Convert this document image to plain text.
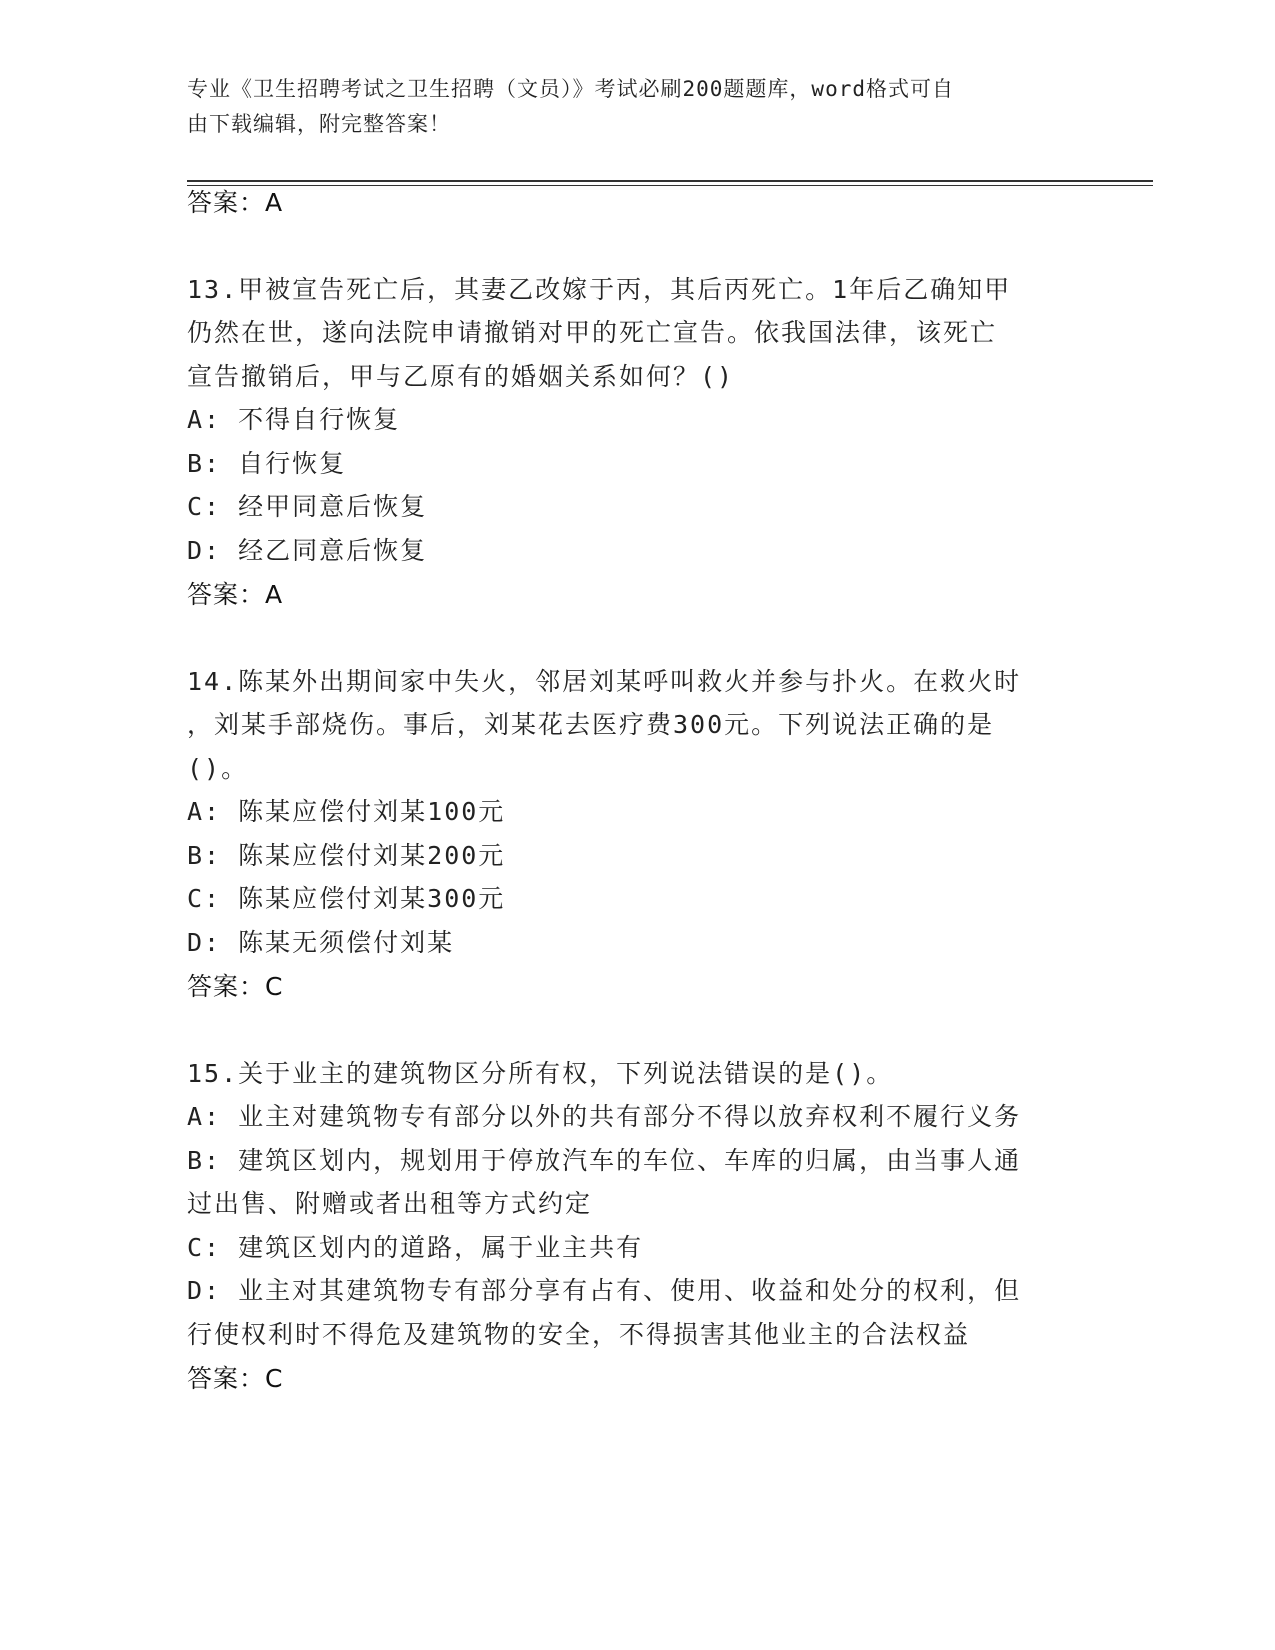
专业《卫生招聘考试之卫生招聘（文员）》考试必刷200题题库，word格式可自
由下载编辑，附完整答案！
答案：A
13.甲被宣告死亡后，其妻乙改嫁于丙，其后丙死亡。1年后乙确知甲
仍然在世，遂向法院申请撤销对甲的死亡宣告。依我国法律，该死亡
宣告撤销后，甲与乙原有的婚姻关系如何？()
A: 不得自行恢复
B: 自行恢复
C: 经甲同意后恢复
D: 经乙同意后恢复
答案：A
14.陈某外出期间家中失火，邻居刘某呼叫救火并参与扑火。在救火时
，刘某手部烧伤。事后，刘某花去医疗费300元。下列说法正确的是
()。
A: 陈某应偿付刘某100元
B: 陈某应偿付刘某200元
C: 陈某应偿付刘某300元
D: 陈某无须偿付刘某
答案：C
15.关于业主的建筑物区分所有权，下列说法错误的是()。
A: 业主对建筑物专有部分以外的共有部分不得以放弃权利不履行义务
B: 建筑区划内，规划用于停放汽车的车位、车库的归属，由当事人通
过出售、附赠或者出租等方式约定
C: 建筑区划内的道路，属于业主共有
D: 业主对其建筑物专有部分享有占有、使用、收益和处分的权利，但
行使权利时不得危及建筑物的安全，不得损害其他业主的合法权益
答案：C
